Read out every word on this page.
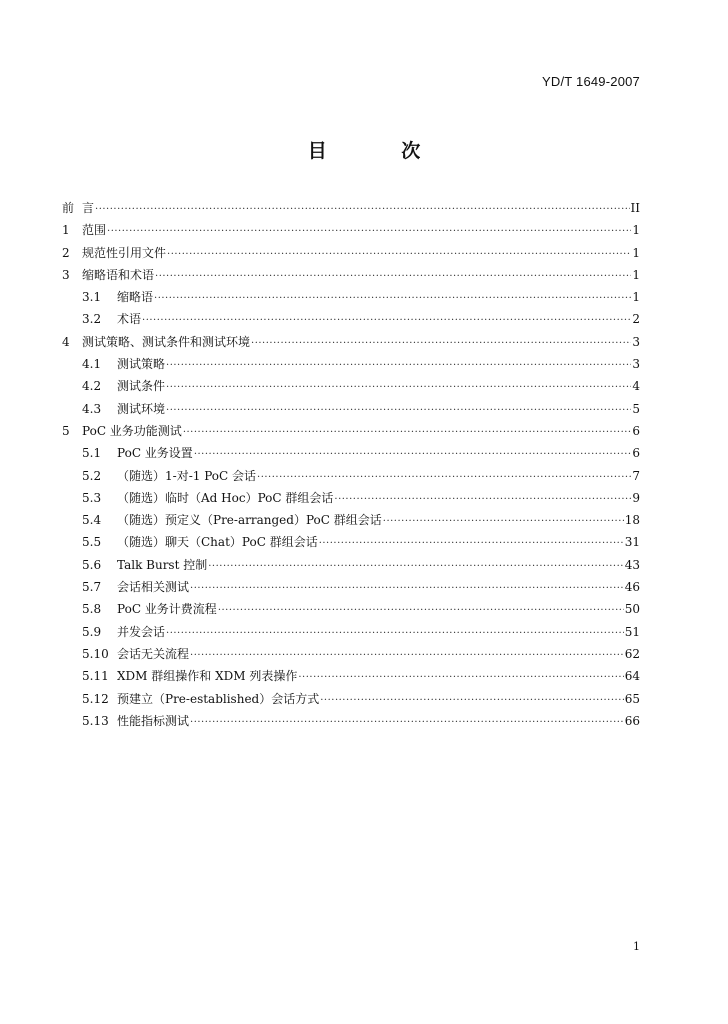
YD/T 1649-2007
目 次
前 言 ·····	II
1	范围 ·····	1
2	规范性引用文件 ·····	1
3	缩略语和术语 ·····	1
3.1	缩略语 ·····	1
3.2	术语 ·····	2
4	测试策略、测试条件和测试环境 ·····	3
4.1	测试策略 ·····	3
4.2	测试条件 ·····	4
4.3	测试环境 ·····	5
5	PoC 业务功能测试 ·····	6
5.1	PoC 业务设置 ·····	6
5.2	（随选）1-对-1 PoC 会话 ·····	7
5.3	（随选）临时（Ad Hoc）PoC 群组会话 ·····	9
5.4	（随选）预定义（Pre-arranged）PoC 群组会话 ·····	18
5.5	（随选）聊天（Chat）PoC 群组会话 ·····	31
5.6	Talk Burst 控制 ·····	43
5.7	会话相关测试 ·····	46
5.8	PoC 业务计费流程 ·····	50
5.9	并发会话 ·····	51
5.10 会话无关流程 ·····	62
5.11 XDM 群组操作和 XDM 列表操作 ·····	64
5.12 预建立（Pre-established）会话方式 ·····	65
5.13 性能指标测试 ·····	66
1
